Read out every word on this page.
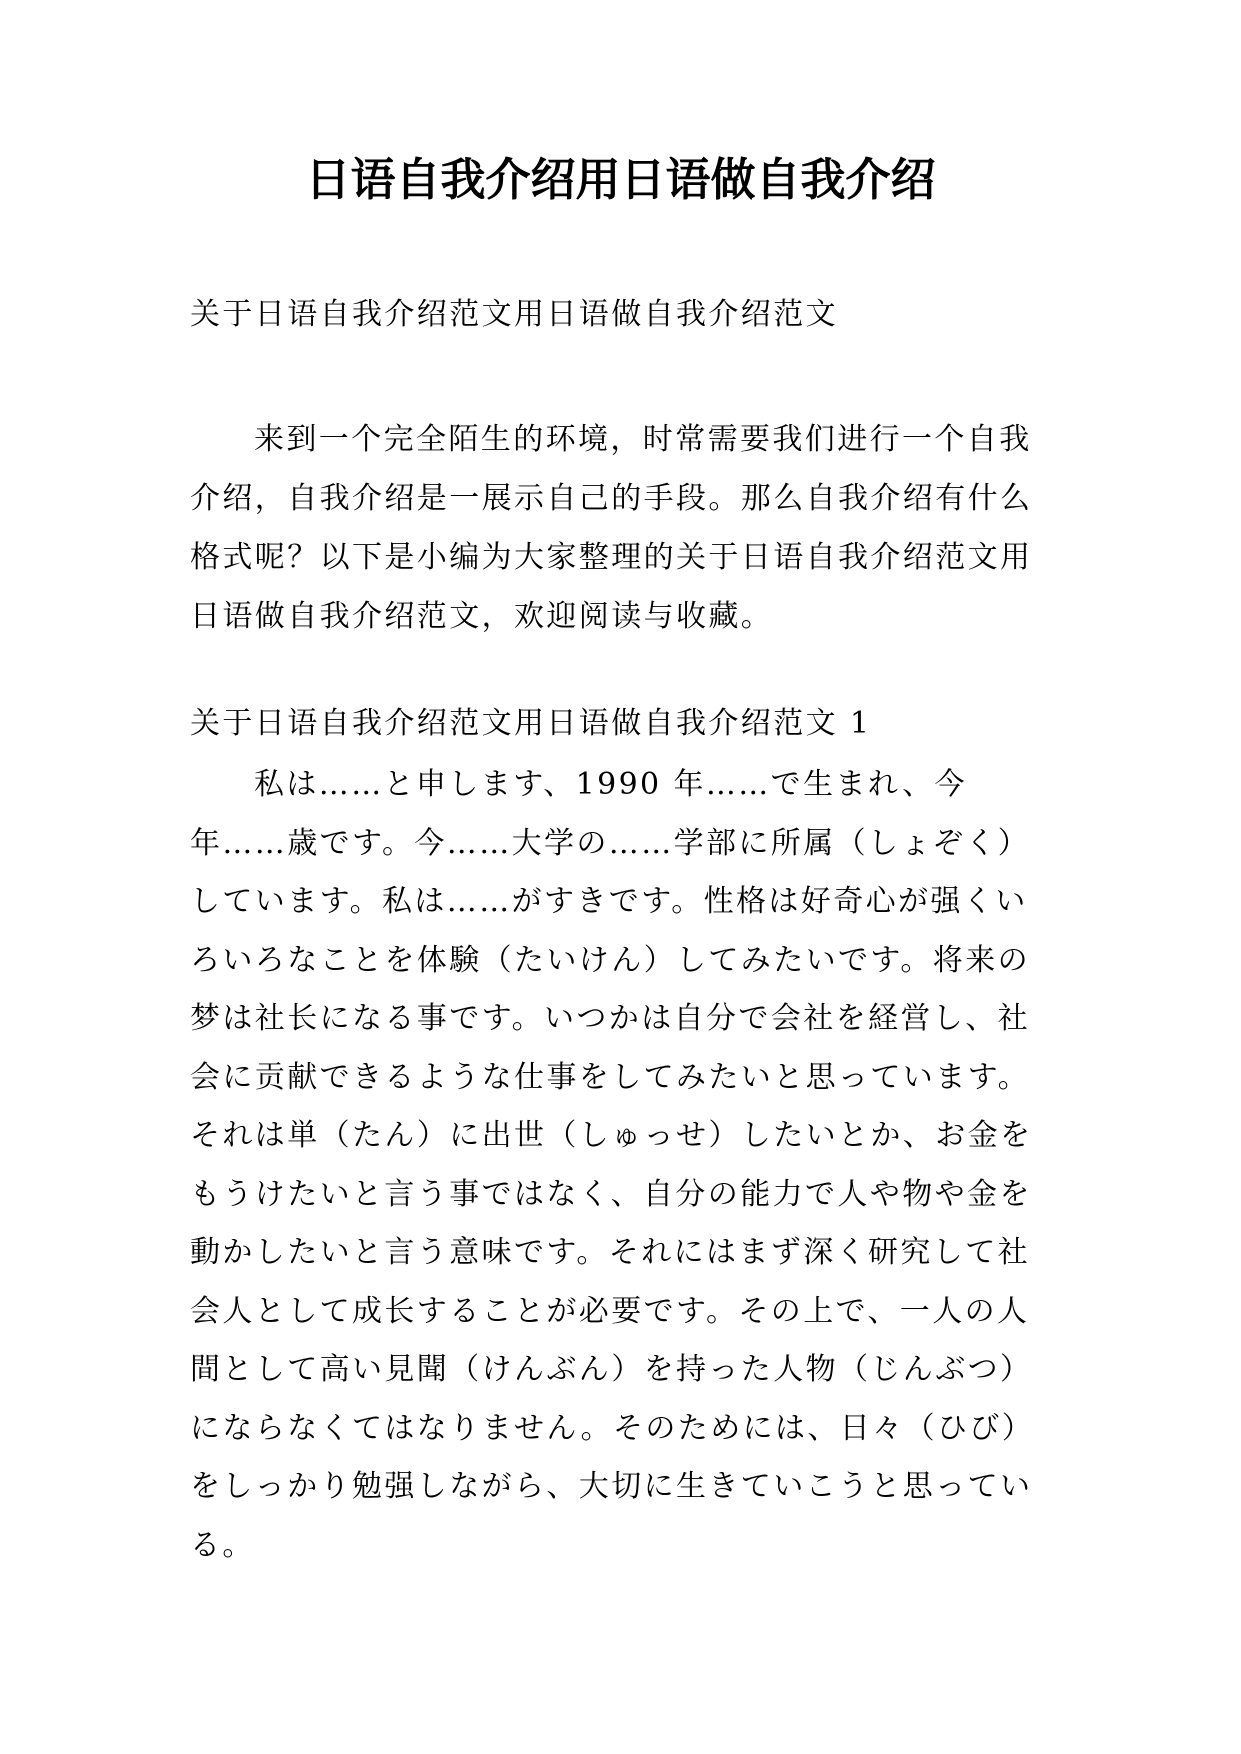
日语自我介绍用日语做自我介绍

关于日语自我介绍范文用日语做自我介绍范文

来到一个完全陌生的环境，时常需要我们进行一个自我介绍，自我介绍是一展示自己的手段。那么自我介绍有什么格式呢？以下是小编为大家整理的关于日语自我介绍范文用日语做自我介绍范文，欢迎阅读与收藏。

关于日语自我介绍范文用日语做自我介绍范文 1

私は……と申します、1990 年……で生まれ、今年……歳です。今……大学の……学部に所属（しょぞく）しています。私は……がすきです。性格は好奇心が强くいろいろなことを体験（たいけん）してみたいです。将来の梦は社长になる事です。いつかは自分で会社を経営し、社会に贡献できるような仕事をしてみたいと思っています。それは単（たん）に出世（しゅっせ）したいとか、お金をもうけたいと言う事ではなく、自分の能力で人や物や金を動かしたいと言う意味です。それにはまず深く研究して社会人として成长することが必要です。その上で、一人の人間として高い見聞（けんぶん）を持った人物（じんぶつ）にならなくてはなりません。そのためには、日々（ひび）をしっかり勉强しながら、大切に生きていこうと思っている。
